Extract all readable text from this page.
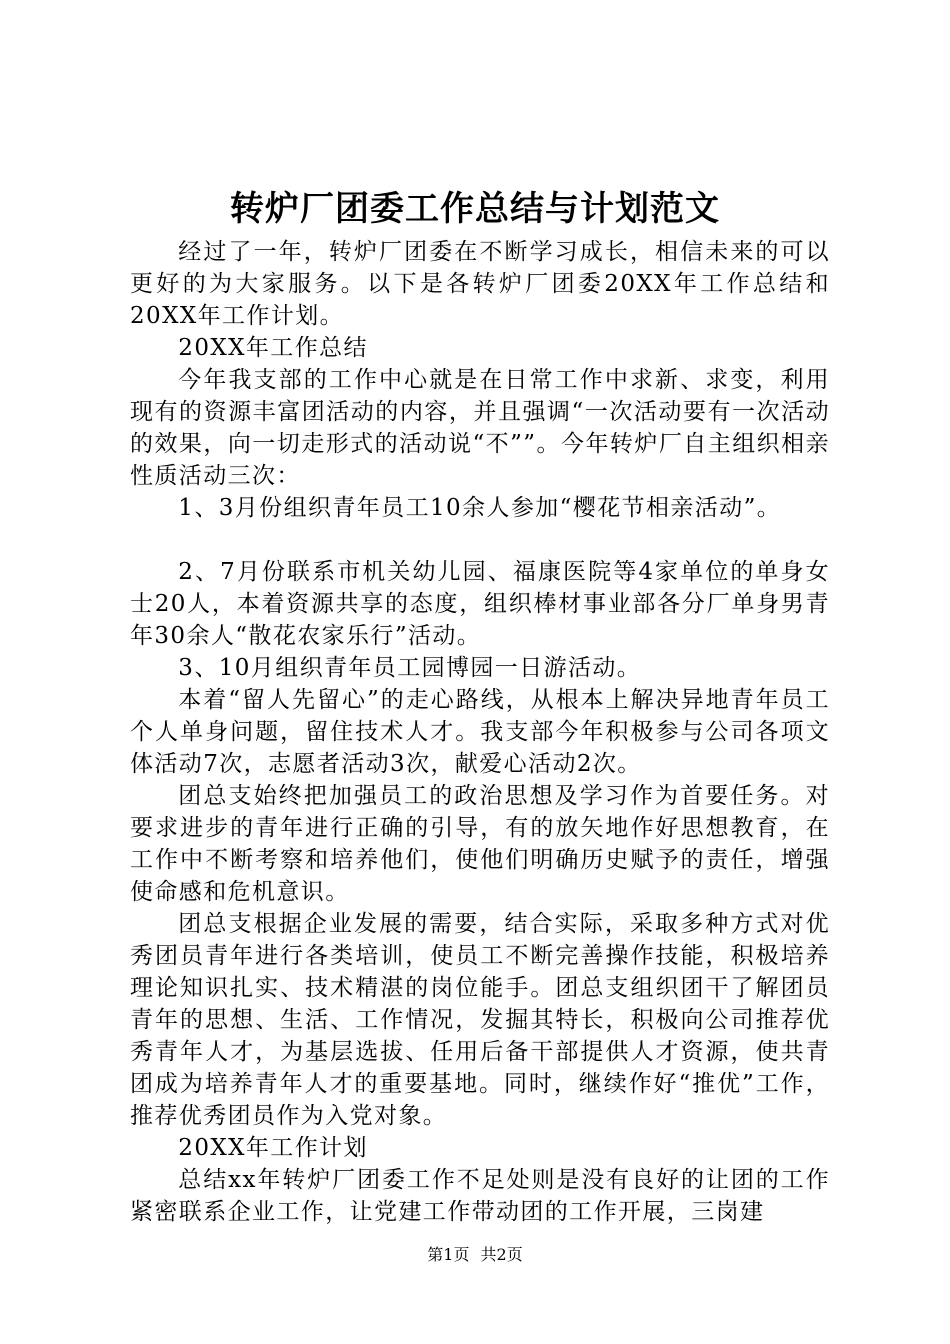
转炉厂团委工作总结与计划范文

经过了一年，转炉厂团委在不断学习成长，相信未来的可以更好的为大家服务。以下是各转炉厂团委20XX年工作总结和20XX年工作计划。

20XX年工作总结

今年我支部的工作中心就是在日常工作中求新、求变，利用现有的资源丰富团活动的内容，并且强调“一次活动要有一次活动的效果，向一切走形式的活动说“不””。今年转炉厂自主组织相亲性质活动三次：

1、3月份组织青年员工10余人参加“樱花节相亲活动”。

2、7月份联系市机关幼儿园、福康医院等4家单位的单身女士20人，本着资源共享的态度，组织棒材事业部各分厂单身男青年30余人“散花农家乐行”活动。

3、10月组织青年员工园博园一日游活动。

本着“留人先留心”的走心路线，从根本上解决异地青年员工个人单身问题，留住技术人才。我支部今年积极参与公司各项文体活动7次，志愿者活动3次，献爱心活动2次。

团总支始终把加强员工的政治思想及学习作为首要任务。对要求进步的青年进行正确的引导，有的放矢地作好思想教育，在工作中不断考察和培养他们，使他们明确历史赋予的责任，增强使命感和危机意识。

团总支根据企业发展的需要，结合实际，采取多种方式对优秀团员青年进行各类培训，使员工不断完善操作技能，积极培养理论知识扎实、技术精湛的岗位能手。团总支组织团干了解团员青年的思想、生活、工作情况，发掘其特长，积极向公司推荐优秀青年人才，为基层选拔、任用后备干部提供人才资源，使共青团成为培养青年人才的重要基地。同时，继续作好“推优”工作，推荐优秀团员作为入党对象。

20XX年工作计划

总结xx年转炉厂团委工作不足处则是没有良好的让团的工作紧密联系企业工作，让党建工作带动团的工作开展，三岗建

第1页 共2页
